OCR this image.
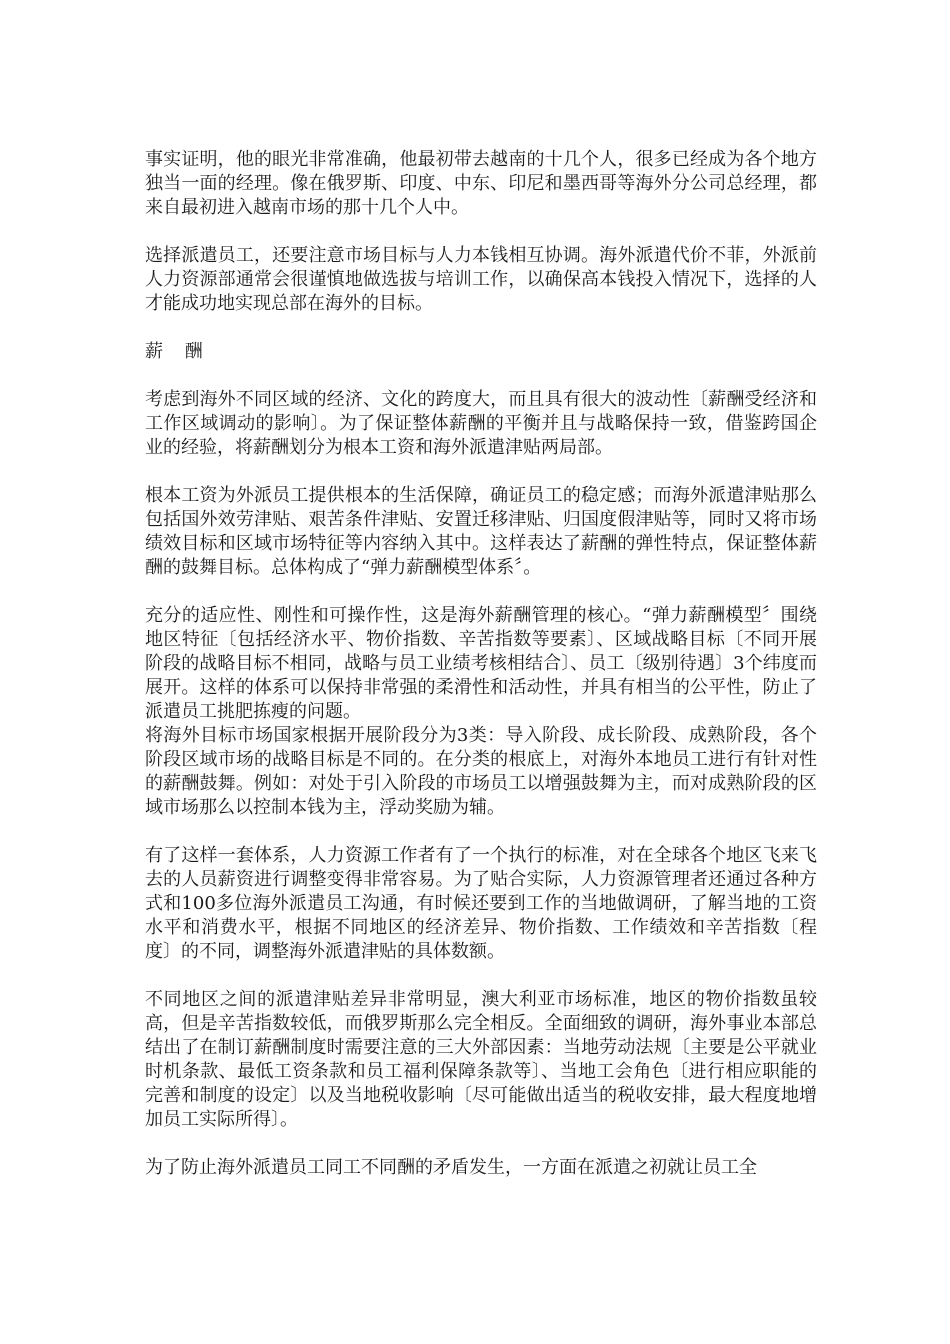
事实证明，他的眼光非常准确，他最初带去越南的十几个人，很多已经成为各个地方独当一面的经理。像在俄罗斯、印度、中东、印尼和墨西哥等海外分公司总经理，都来自最初进入越南市场的那十几个人中。

选择派遣员工，还要注意市场目标与人力本钱相互协调。海外派遣代价不菲，外派前人力资源部通常会很谨慎地做选拔与培训工作，以确保高本钱投入情况下，选择的人才能成功地实现总部在海外的目标。

薪 酬

考虑到海外不同区域的经济、文化的跨度大，而且具有很大的波动性〔薪酬受经济和工作区域调动的影响〕。为了保证整体薪酬的平衡并且与战略保持一致，借鉴跨国企业的经验，将薪酬划分为根本工资和海外派遣津贴两局部。

根本工资为外派员工提供根本的生活保障，确证员工的稳定感；而海外派遣津贴那么包括国外效劳津贴、艰苦条件津贴、安置迁移津贴、归国度假津贴等，同时又将市场绩效目标和区域市场特征等内容纳入其中。这样表达了薪酬的弹性特点，保证整体薪酬的鼓舞目标。总体构成了“弹力薪酬模型体系〞。

充分的适应性、刚性和可操作性，这是海外薪酬管理的核心。“弹力薪酬模型〞围绕地区特征〔包括经济水平、物价指数、辛苦指数等要素〕、区域战略目标〔不同开展阶段的战略目标不相同，战略与员工业绩考核相结合〕、员工〔级别待遇〕3个纬度而展开。这样的体系可以保持非常强的柔滑性和活动性，并具有相当的公平性，防止了派遣员工挑肥拣瘦的问题。

将海外目标市场国家根据开展阶段分为3类：导入阶段、成长阶段、成熟阶段，各个阶段区域市场的战略目标是不同的。在分类的根底上，对海外本地员工进行有针对性的薪酬鼓舞。例如：对处于引入阶段的市场员工以增强鼓舞为主，而对成熟阶段的区域市场那么以控制本钱为主，浮动奖励为辅。

有了这样一套体系，人力资源工作者有了一个执行的标准，对在全球各个地区飞来飞去的人员薪资进行调整变得非常容易。为了贴合实际，人力资源管理者还通过各种方式和100多位海外派遣员工沟通，有时候还要到工作的当地做调研，了解当地的工资水平和消费水平，根据不同地区的经济差异、物价指数、工作绩效和辛苦指数〔程度〕的不同，调整海外派遣津贴的具体数额。

不同地区之间的派遣津贴差异非常明显，澳大利亚市场标准，地区的物价指数虽较高，但是辛苦指数较低，而俄罗斯那么完全相反。全面细致的调研，海外事业本部总结出了在制订薪酬制度时需要注意的三大外部因素：当地劳动法规〔主要是公平就业时机条款、最低工资条款和员工福利保障条款等〕、当地工会角色〔进行相应职能的完善和制度的设定〕以及当地税收影响〔尽可能做出适当的税收安排，最大程度地增加员工实际所得〕。

为了防止海外派遣员工同工不同酬的矛盾发生，一方面在派遣之初就让员工全
